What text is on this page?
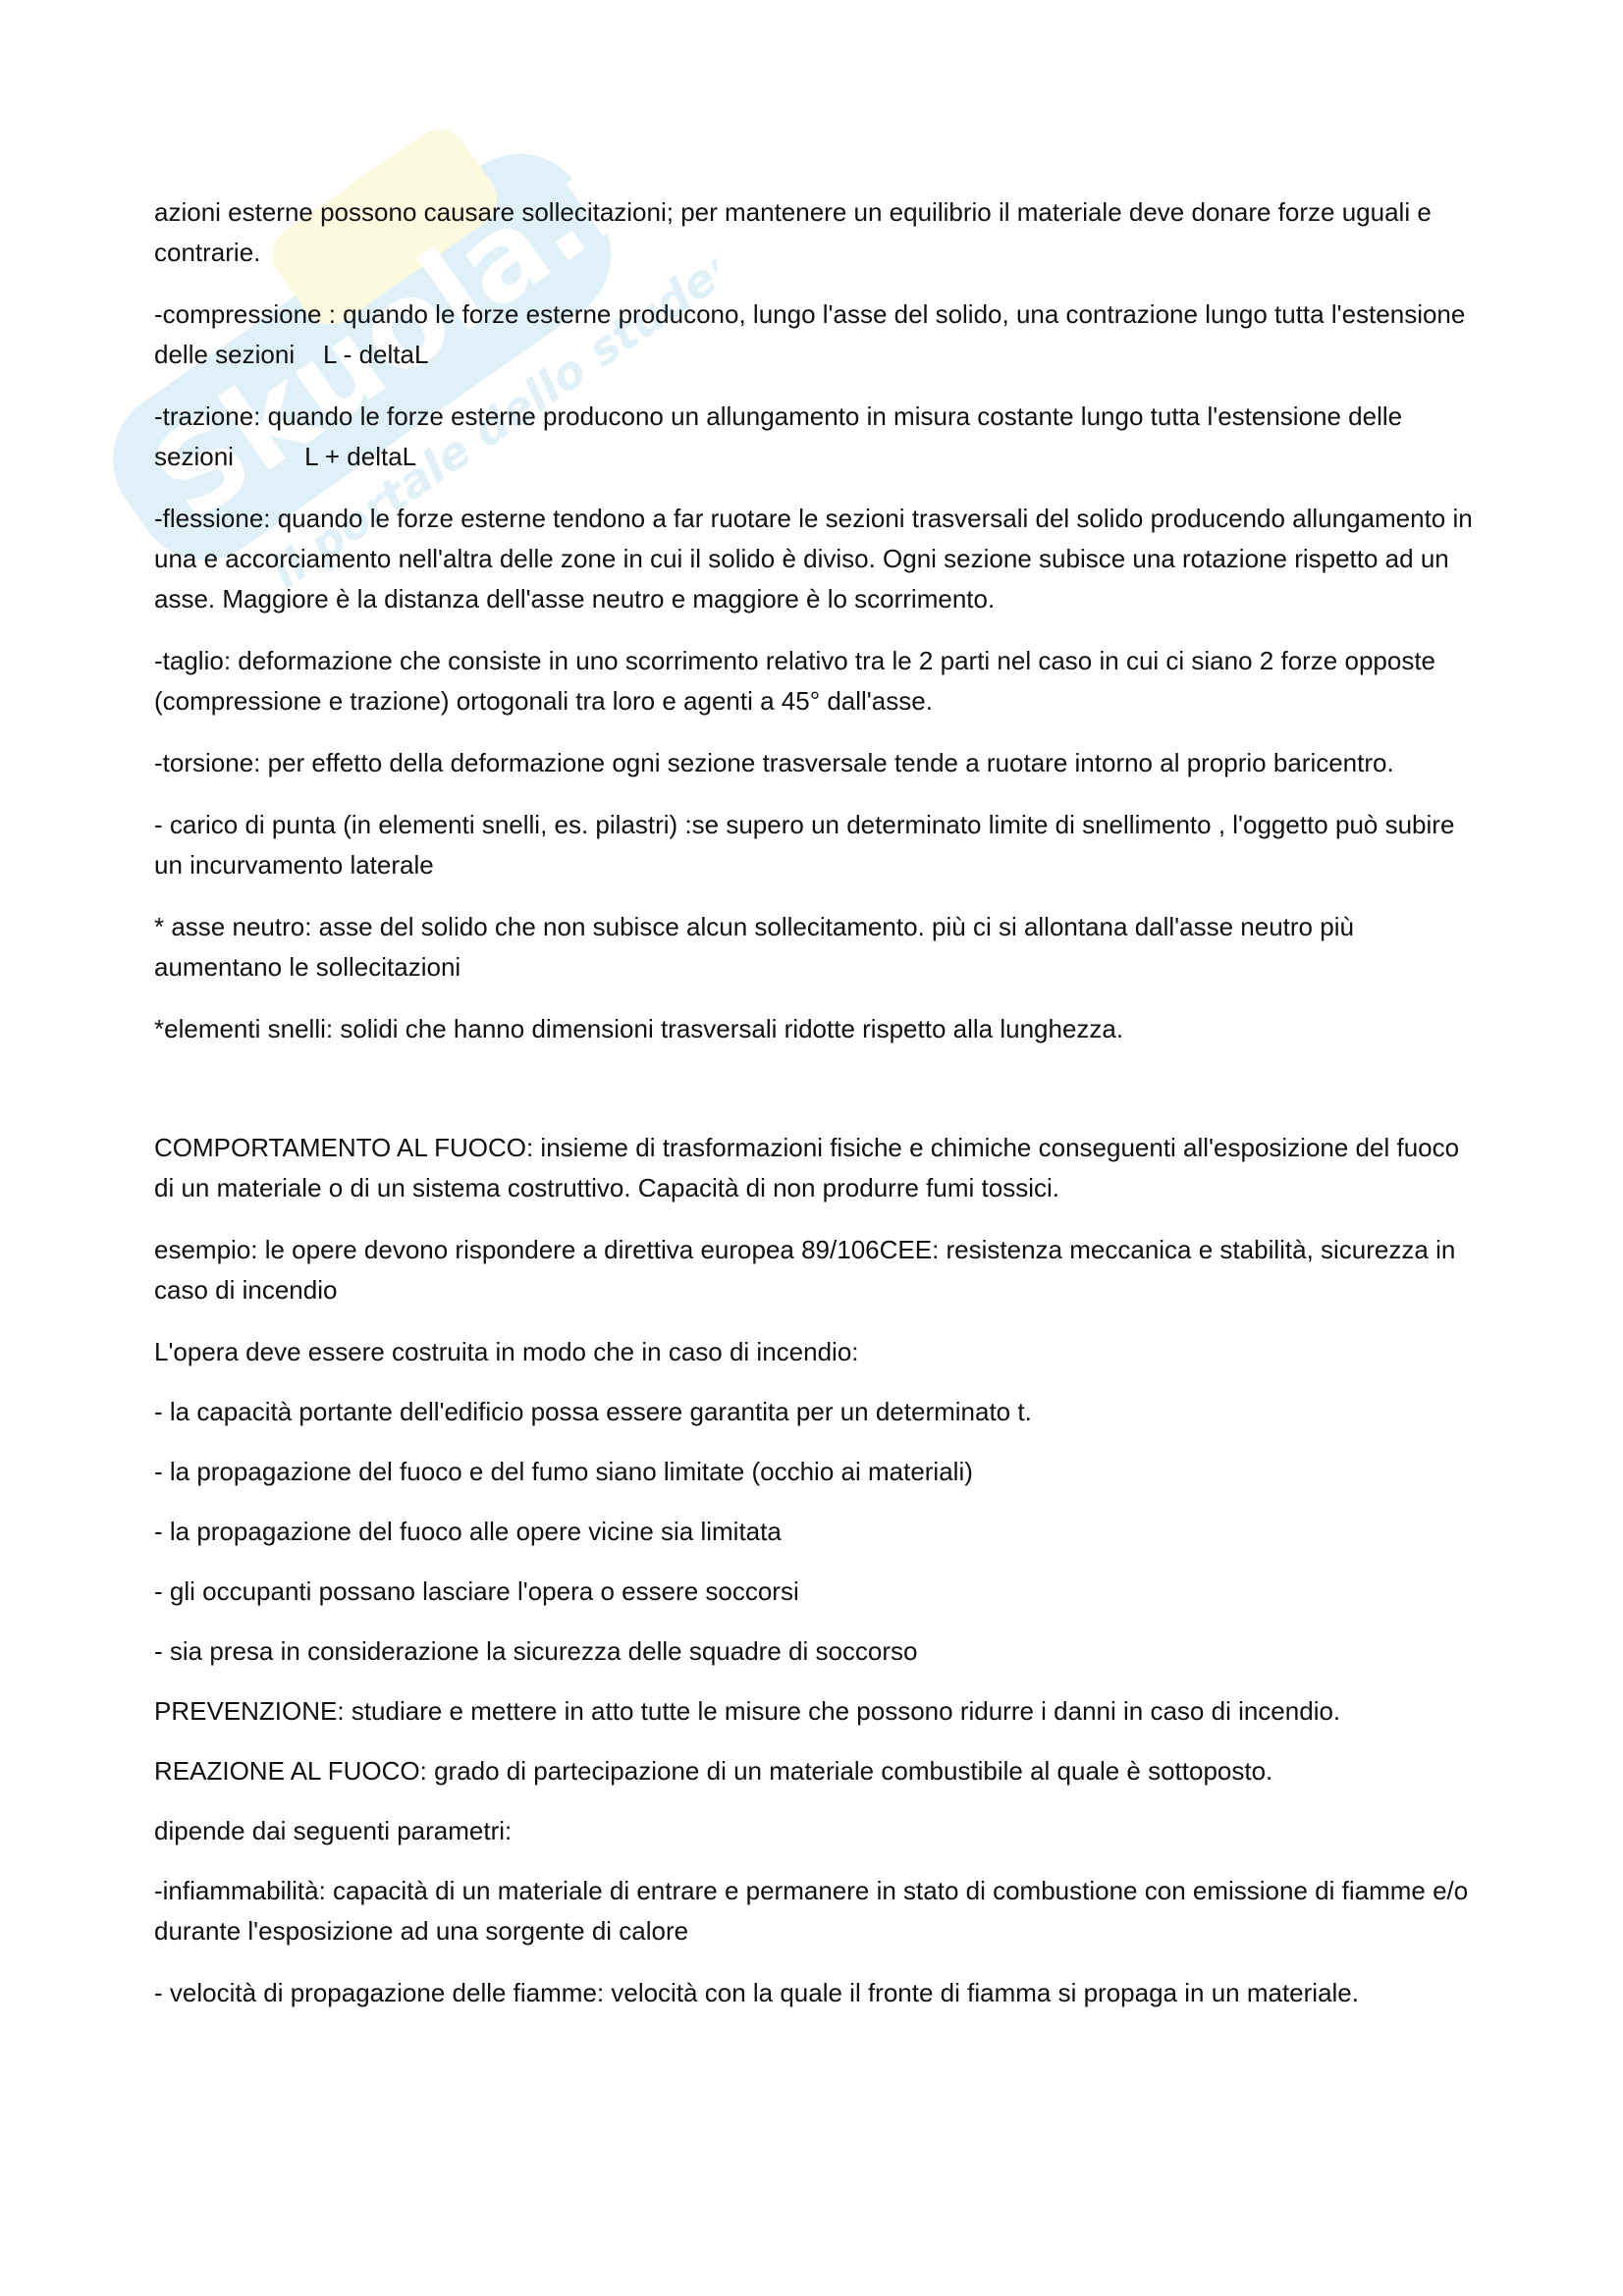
Skuola.net
il portale dello studente

azioni esterne possono causare sollecitazioni; per mantenere un equilibrio il materiale deve donare forze uguali e contrarie.

-compressione : quando le forze esterne producono, lungo l'asse del solido, una contrazione lungo tutta l'estensione delle sezioni    L - deltaL

-trazione: quando le forze esterne producono un allungamento in misura costante lungo tutta l'estensione delle sezioni          L + deltaL

-flessione: quando le forze esterne tendono a far ruotare le sezioni trasversali del solido producendo allungamento in una e accorciamento nell'altra delle zone in cui il solido è diviso. Ogni sezione subisce una rotazione rispetto ad un asse. Maggiore è la distanza dell'asse neutro e maggiore è lo scorrimento.

-taglio: deformazione che consiste in uno scorrimento relativo tra le 2 parti nel caso in cui ci siano 2 forze opposte (compressione e trazione) ortogonali tra loro e agenti a 45° dall'asse.

-torsione: per effetto della deformazione ogni sezione trasversale tende a ruotare intorno al proprio baricentro.

- carico di punta (in elementi snelli, es. pilastri) :se supero un determinato limite di snellimento , l'oggetto può subire un incurvamento laterale

* asse neutro: asse del solido che non subisce alcun sollecitamento. più ci si allontana dall'asse neutro più aumentano le sollecitazioni

*elementi snelli: solidi che hanno dimensioni trasversali ridotte rispetto alla lunghezza.

COMPORTAMENTO AL FUOCO: insieme di trasformazioni fisiche e chimiche conseguenti all'esposizione del fuoco di un materiale o di un sistema costruttivo. Capacità di non produrre fumi tossici.

esempio: le opere devono rispondere a direttiva europea 89/106CEE: resistenza meccanica e stabilità, sicurezza in caso di incendio

L'opera deve essere costruita in modo che in caso di incendio:

- la capacità portante dell'edificio possa essere garantita per un determinato t.

- la propagazione del fuoco e del fumo siano limitate (occhio ai materiali)

- la propagazione del fuoco alle opere vicine sia limitata

- gli occupanti possano lasciare l'opera o essere soccorsi

- sia presa in considerazione la sicurezza delle squadre di soccorso

PREVENZIONE: studiare e mettere in atto tutte le misure che possono ridurre i danni in caso di incendio.

REAZIONE AL FUOCO: grado di partecipazione di un materiale combustibile al quale è sottoposto.

dipende dai seguenti parametri:

-infiammabilità: capacità di un materiale di entrare e permanere in stato di combustione con emissione di fiamme e/o durante l'esposizione ad una sorgente di calore

- velocità di propagazione delle fiamme: velocità con la quale il fronte di fiamma si propaga in un materiale.
